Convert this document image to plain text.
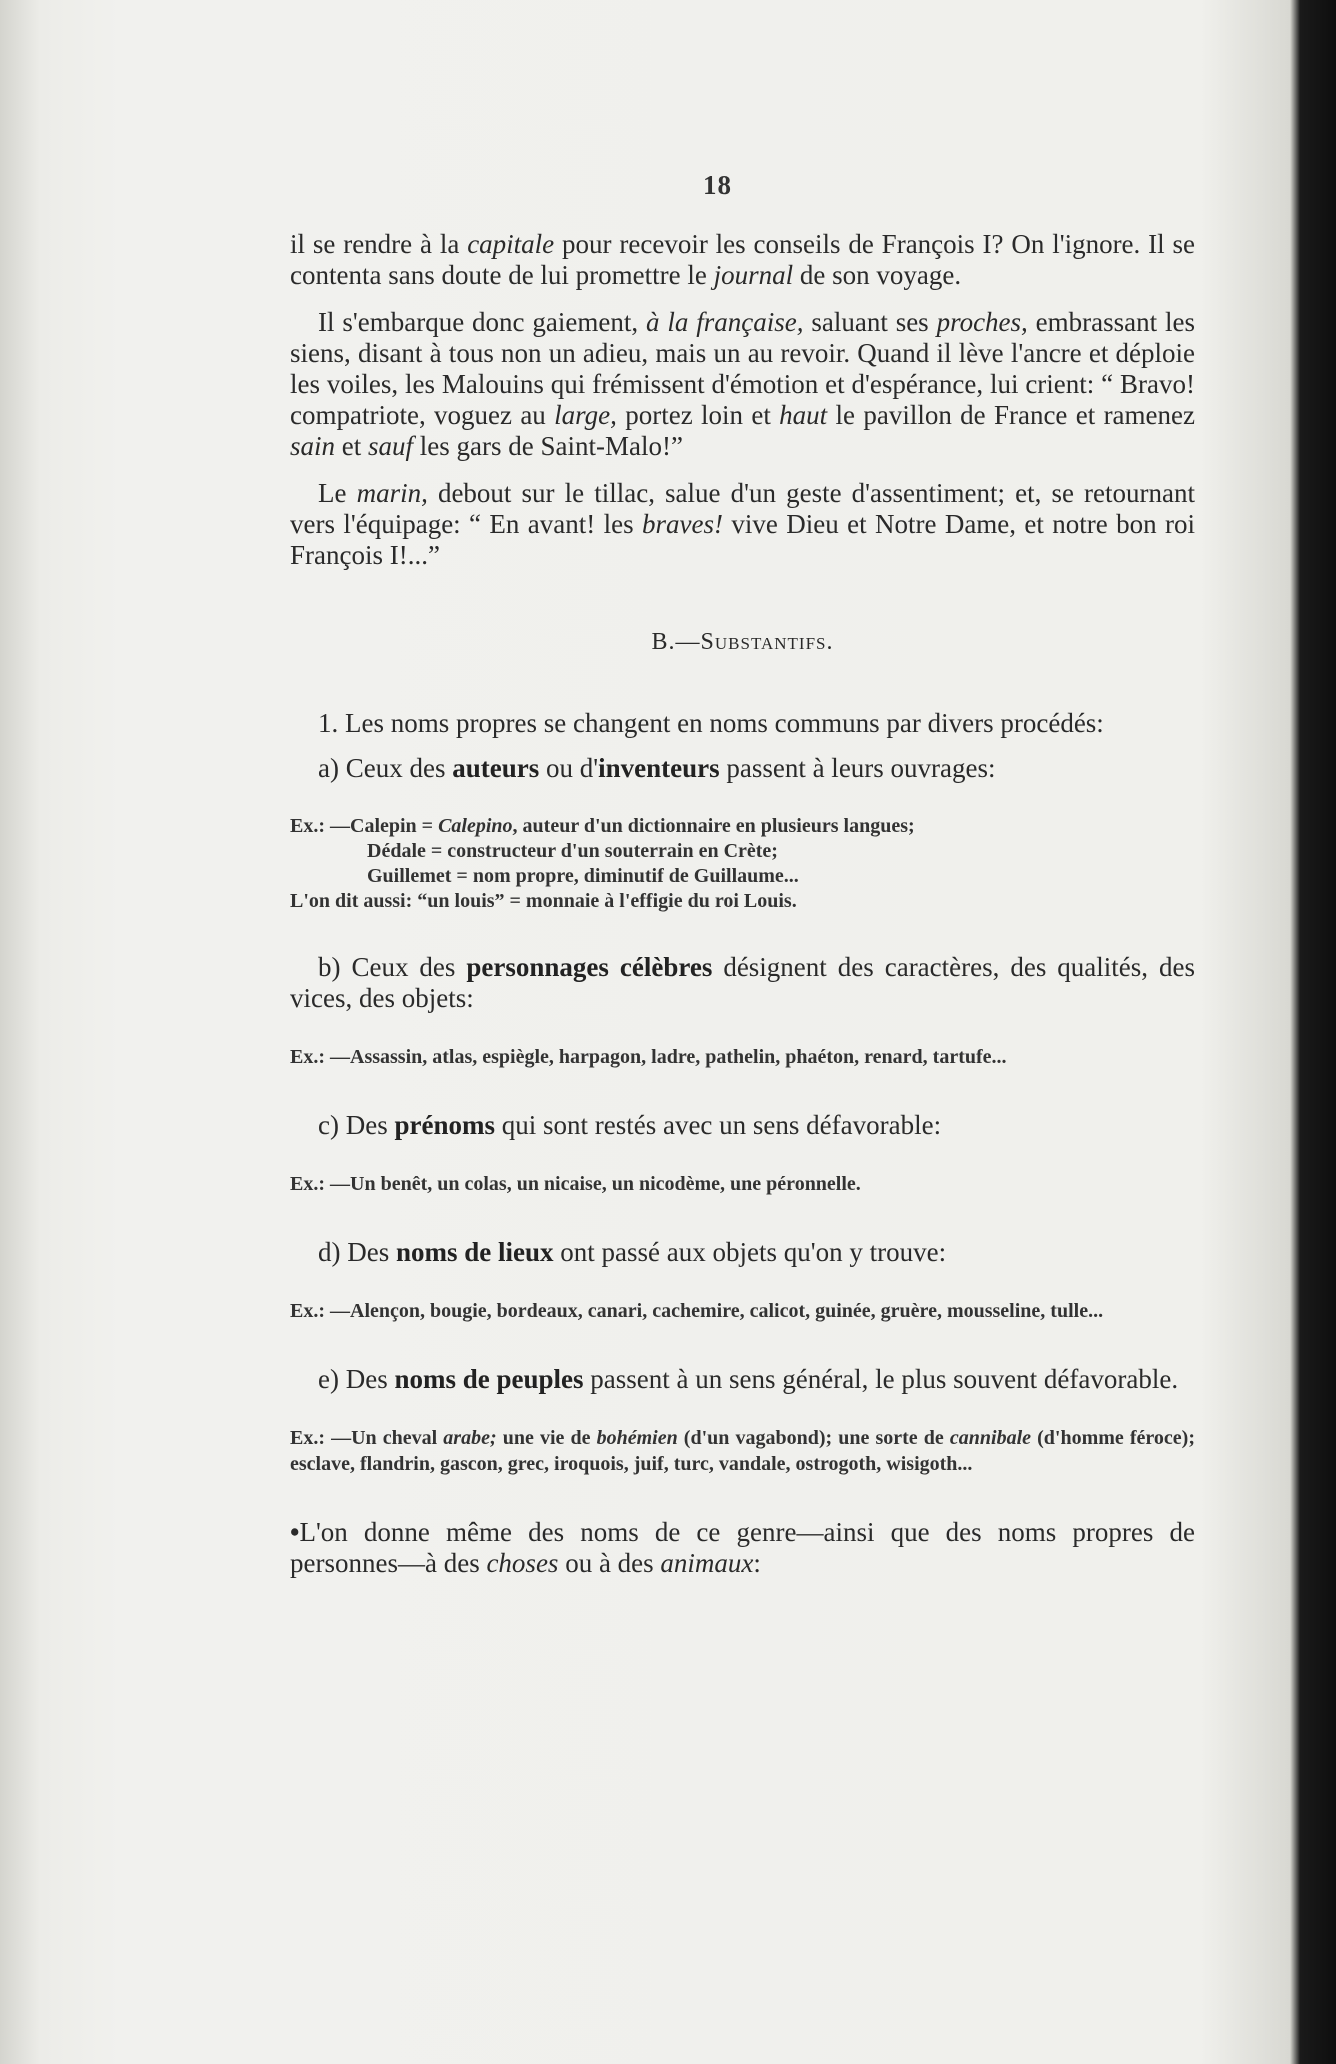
18

il se rendre à la capitale pour recevoir les conseils de François I? On l'ignore. Il se contenta sans doute de lui promettre le journal de son voyage.

Il s'embarque donc gaiement, à la française, saluant ses proches, embrassant les siens, disant à tous non un adieu, mais un au revoir. Quand il lève l'ancre et déploie les voiles, les Malouins qui frémissent d'émotion et d'espérance, lui crient: “ Bravo! compatriote, voguez au large, portez loin et haut le pavillon de France et ramenez sain et sauf les gars de Saint-Malo!”

Le marin, debout sur le tillac, salue d'un geste d'assentiment; et, se retournant vers l'équipage: “ En avant! les braves! vive Dieu et Notre Dame, et notre bon roi François I!...”

B.—Substantifs.

1. Les noms propres se changent en noms communs par divers procédés:

a) Ceux des auteurs ou d'inventeurs passent à leurs ouvrages:

Ex.: —Calepin = Calepino, auteur d'un dictionnaire en plusieurs langues;
Dédale = constructeur d'un souterrain en Crète;
Guillemet = nom propre, diminutif de Guillaume...
L'on dit aussi: “un louis” = monnaie à l'effigie du roi Louis.

b) Ceux des personnages célèbres désignent des caractères, des qualités, des vices, des objets:

Ex.: —Assassin, atlas, espiègle, harpagon, ladre, pathelin, phaéton, renard, tartufe...

c) Des prénoms qui sont restés avec un sens défavorable:

Ex.: —Un benêt, un colas, un nicaise, un nicodème, une péronnelle.

d) Des noms de lieux ont passé aux objets qu'on y trouve:

Ex.: —Alençon, bougie, bordeaux, canari, cachemire, calicot, guinée, gruère, mousseline, tulle...

e) Des noms de peuples passent à un sens général, le plus souvent défavorable.

Ex.: —Un cheval arabe; une vie de bohémien (d'un vagabond); une sorte de cannibale (d'homme féroce); esclave, flandrin, gascon, grec, iroquois, juif, turc, vandale, ostrogoth, wisigoth...

• L'on donne même des noms de ce genre—ainsi que des noms propres de personnes—à des choses ou à des animaux:
